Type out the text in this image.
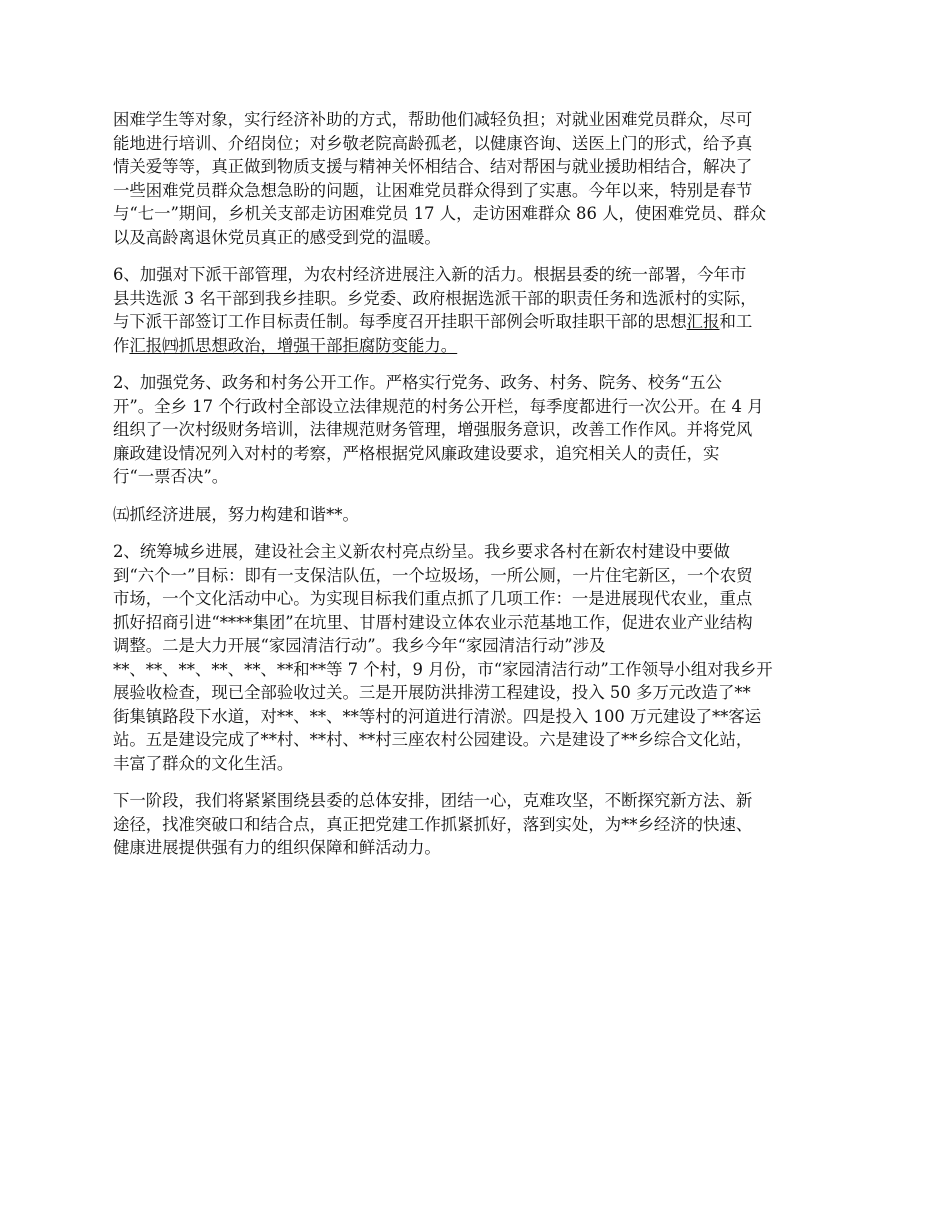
困难学生等对象，实行经济补助的方式，帮助他们减轻负担；对就业困难党员群众，尽可
能地进行培训、介绍岗位；对乡敬老院高龄孤老，以健康咨询、送医上门的形式，给予真
情关爱等等，真正做到物质支援与精神关怀相结合、结对帮困与就业援助相结合，解决了
一些困难党员群众急想急盼的问题，让困难党员群众得到了实惠。今年以来，特别是春节
与“七一”期间，乡机关支部走访困难党员 17 人，走访困难群众 86 人，使困难党员、群众
以及高龄离退休党员真正的感受到党的温暖。

6、加强对下派干部管理，为农村经济进展注入新的活力。根据县委的统一部署，今年市
县共选派 3 名干部到我乡挂职。乡党委、政府根据选派干部的职责任务和选派村的实际，
与下派干部签订工作目标责任制。每季度召开挂职干部例会听取挂职干部的思想汇报和工
作汇报㈣抓思想政治，增强干部拒腐防变能力。

2、加强党务、政务和村务公开工作。严格实行党务、政务、村务、院务、校务“五公
开”。全乡 17 个行政村全部设立法律规范的村务公开栏，每季度都进行一次公开。在 4 月
组织了一次村级财务培训，法律规范财务管理，增强服务意识，改善工作作风。并将党风
廉政建设情况列入对村的考察，严格根据党风廉政建设要求，追究相关人的责任，实
行“一票否决”。

㈤抓经济进展，努力构建和谐**。

2、统筹城乡进展，建设社会主义新农村亮点纷呈。我乡要求各村在新农村建设中要做
到“六个一”目标：即有一支保洁队伍，一个垃圾场，一所公厕，一片住宅新区，一个农贸
市场，一个文化活动中心。为实现目标我们重点抓了几项工作：一是进展现代农业，重点
抓好招商引进“****集团”在坑里、甘厝村建设立体农业示范基地工作，促进农业产业结构
调整。二是大力开展“家园清洁行动”。我乡今年“家园清洁行动”涉及
**、**、**、**、**、**和**等 7 个村，9 月份，市“家园清洁行动”工作领导小组对我乡开
展验收检查，现已全部验收过关。三是开展防洪排涝工程建设，投入 50 多万元改造了**
街集镇路段下水道，对**、**、**等村的河道进行清淤。四是投入 100 万元建设了**客运
站。五是建设完成了**村、**村、**村三座农村公园建设。六是建设了**乡综合文化站，
丰富了群众的文化生活。

下一阶段，我们将紧紧围绕县委的总体安排，团结一心，克难攻坚，不断探究新方法、新
途径，找准突破口和结合点，真正把党建工作抓紧抓好，落到实处，为**乡经济的快速、
健康进展提供强有力的组织保障和鲜活动力。
